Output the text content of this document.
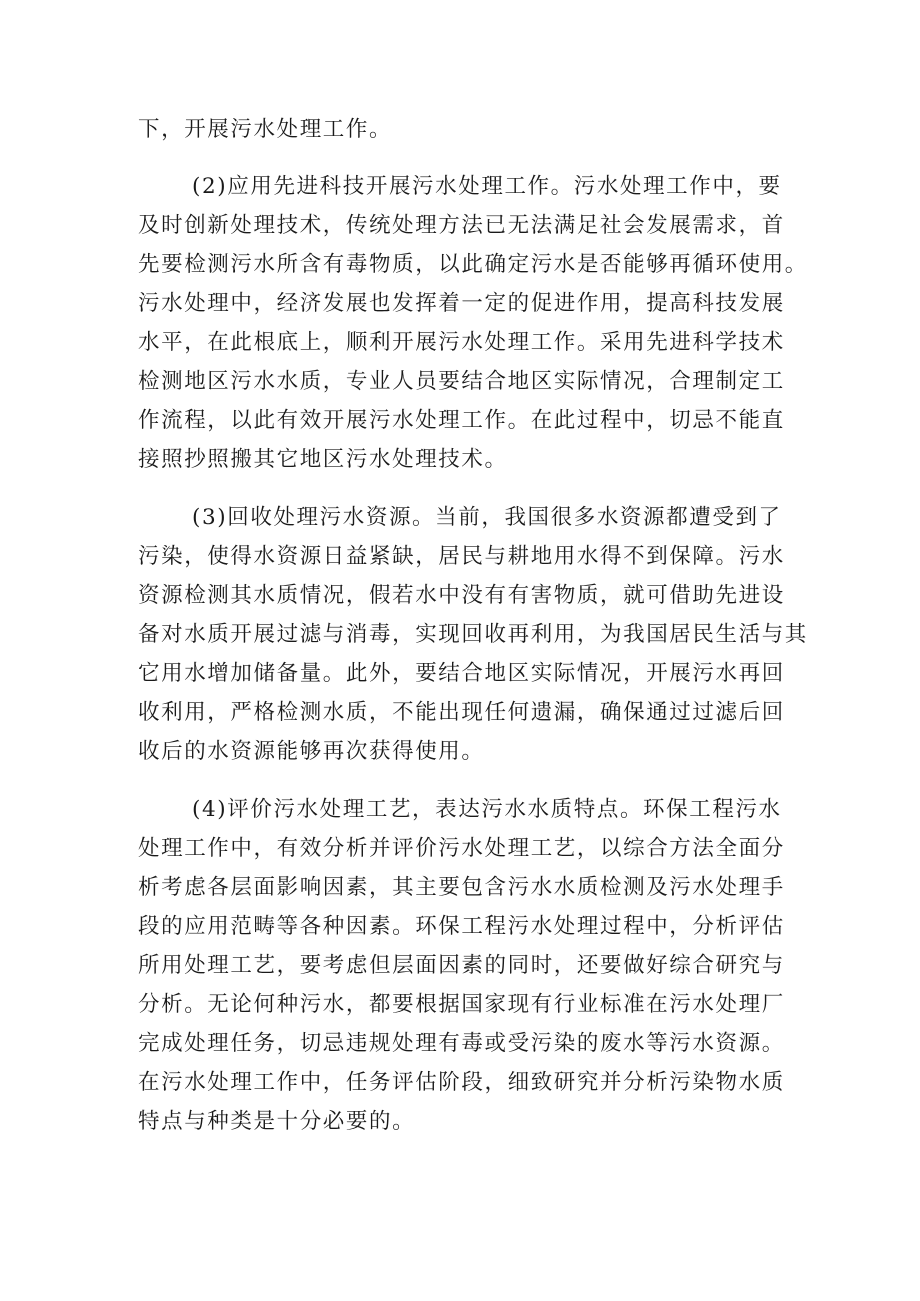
下，开展污水处理工作。
(2)应用先进科技开展污水处理工作。污水处理工作中，要
及时创新处理技术，传统处理方法已无法满足社会发展需求，首
先要检测污水所含有毒物质，以此确定污水是否能够再循环使用。
污水处理中，经济发展也发挥着一定的促进作用，提高科技发展
水平，在此根底上，顺利开展污水处理工作。采用先进科学技术
检测地区污水水质，专业人员要结合地区实际情况，合理制定工
作流程，以此有效开展污水处理工作。在此过程中，切忌不能直
接照抄照搬其它地区污水处理技术。
(3)回收处理污水资源。当前，我国很多水资源都遭受到了
污染，使得水资源日益紧缺，居民与耕地用水得不到保障。污水
资源检测其水质情况，假若水中没有有害物质，就可借助先进设
备对水质开展过滤与消毒，实现回收再利用，为我国居民生活与其
它用水增加储备量。此外，要结合地区实际情况，开展污水再回
收利用，严格检测水质，不能出现任何遗漏，确保通过过滤后回
收后的水资源能够再次获得使用。
(4)评价污水处理工艺，表达污水水质特点。环保工程污水
处理工作中，有效分析并评价污水处理工艺，以综合方法全面分
析考虑各层面影响因素，其主要包含污水水质检测及污水处理手
段的应用范畴等各种因素。环保工程污水处理过程中，分析评估
所用处理工艺，要考虑但层面因素的同时，还要做好综合研究与
分析。无论何种污水，都要根据国家现有行业标准在污水处理厂
完成处理任务，切忌违规处理有毒或受污染的废水等污水资源。
在污水处理工作中，任务评估阶段，细致研究并分析污染物水质
特点与种类是十分必要的。
